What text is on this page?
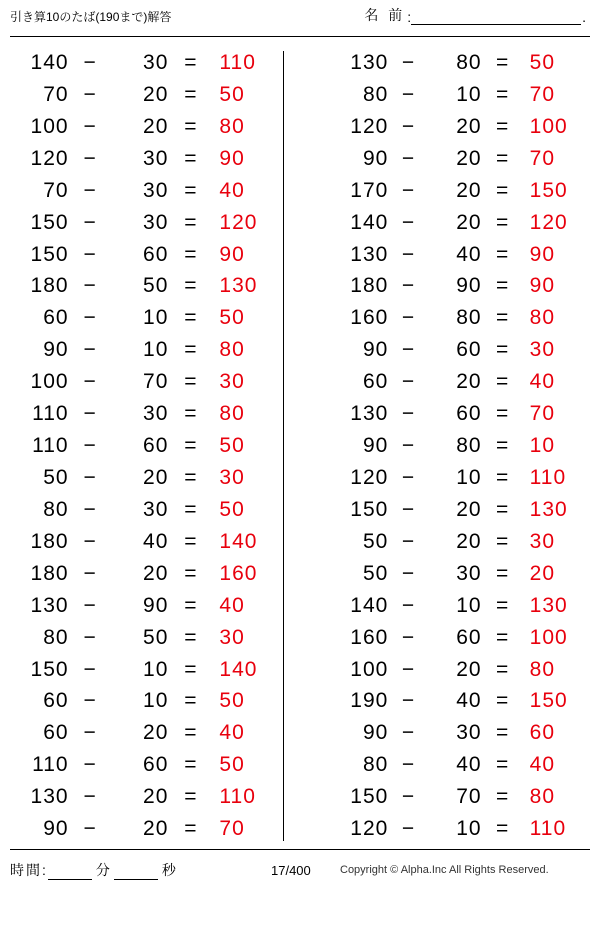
引き算10のたば(190まで)解答	名 前 :	.
140 −	30 =	110
70 −	20 =	50
100 −	20 =	80
120 −	30 =	90
70 −	30 =	40
150 −	30 =	120
150 −	60 =	90
180 −	50 =	130
60 −	10 =	50
90 −	10 =	80
100 −	70 =	30
110 −	30 =	80
110 −	60 =	50
50 −	20 =	30
80 −	30 =	50
180 −	40 =	140
180 −	20 =	160
130 −	90 =	40
80 −	50 =	30
150 −	10 =	140
60 −	10 =	50
60 −	20 =	40
110 −	60 =	50
130 −	20 =	110
90 −	20 =	70
130 −	80 = 50
80 −	10 = 70
120 −	20 = 100
90 −	20 = 70
170 −	20 = 150
140 −	20 = 120
130 −	40 = 90
180 −	90 = 90
160 −	80 = 80
90 −	60 = 30
60 −	20 = 40
130 −	60 = 70
90 −	80 = 10
120 −	10 = 110
150 −	20 = 130
50 −	20 = 30
50 −	30 = 20
140 −	10 = 130
160 −	60 = 100
100 −	20 = 80
190 −	40 = 150
90 −	30 = 60
80 −	40 = 40
150 −	70 = 80
120 −	10 = 110
時間:	分	秒	17/400	Copyright © Alpha.Inc All Rights Reserved.
